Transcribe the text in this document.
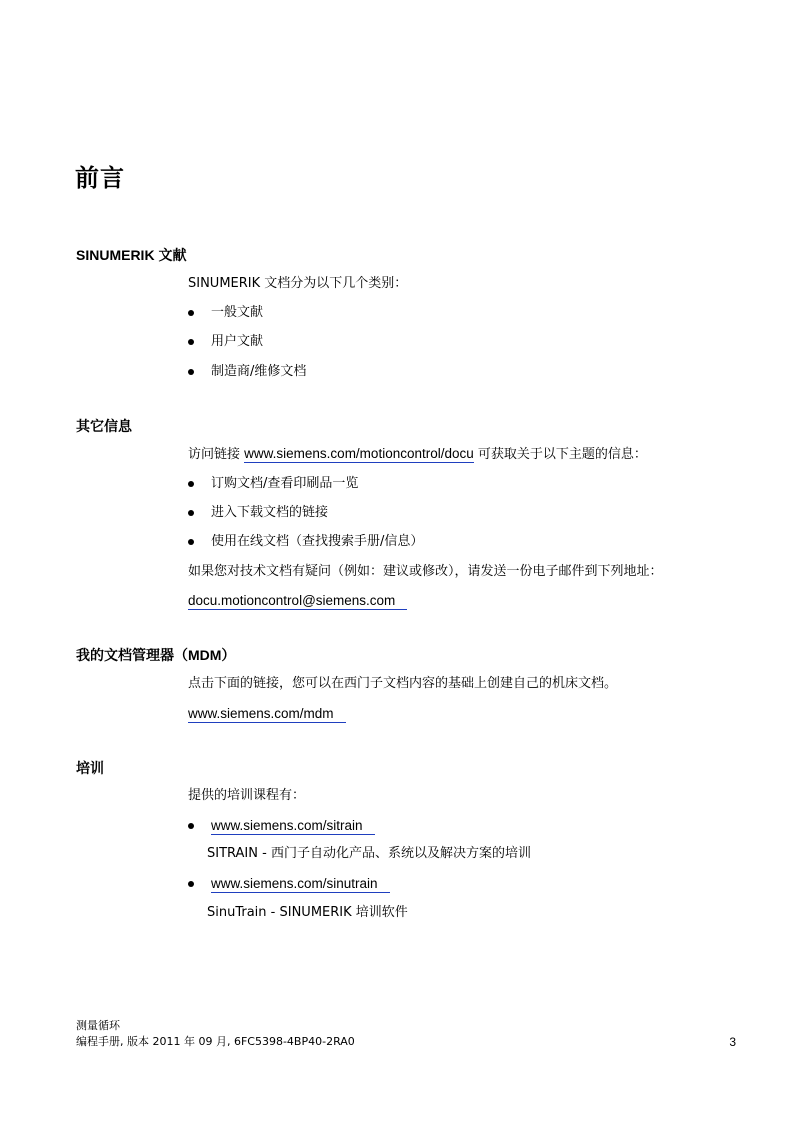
前言
SINUMERIK 文献

SINUMERIK 文档分为以下几个类别：

一般文献
用户文献
制造商/维修文档
其它信息

访问链接 www.siemens.com/motioncontrol/docu 可获取关于以下主题的信息：

订购文档/查看印刷品一览
进入下载文档的链接
使用在线文档（查找搜索手册/信息）

如果您对技术文档有疑问（例如：建议或修改），请发送一份电子邮件到下列地址：

docu.motioncontrol@siemens.com

我的文档管理器（MDM）

点击下面的链接，您可以在西门子文档内容的基础上创建自己的机床文档。

www.siemens.com/mdm

培训

提供的培训课程有：

www.siemens.com/sitrain

SITRAIN - 西门子自动化产品、系统以及解决方案的培训

www.siemens.com/sinutrain

SinuTrain - SINUMERIK 培训软件

测量循环
编程手册, 版本 2011 年 09 月, 6FC5398-4BP40-2RA0	3
